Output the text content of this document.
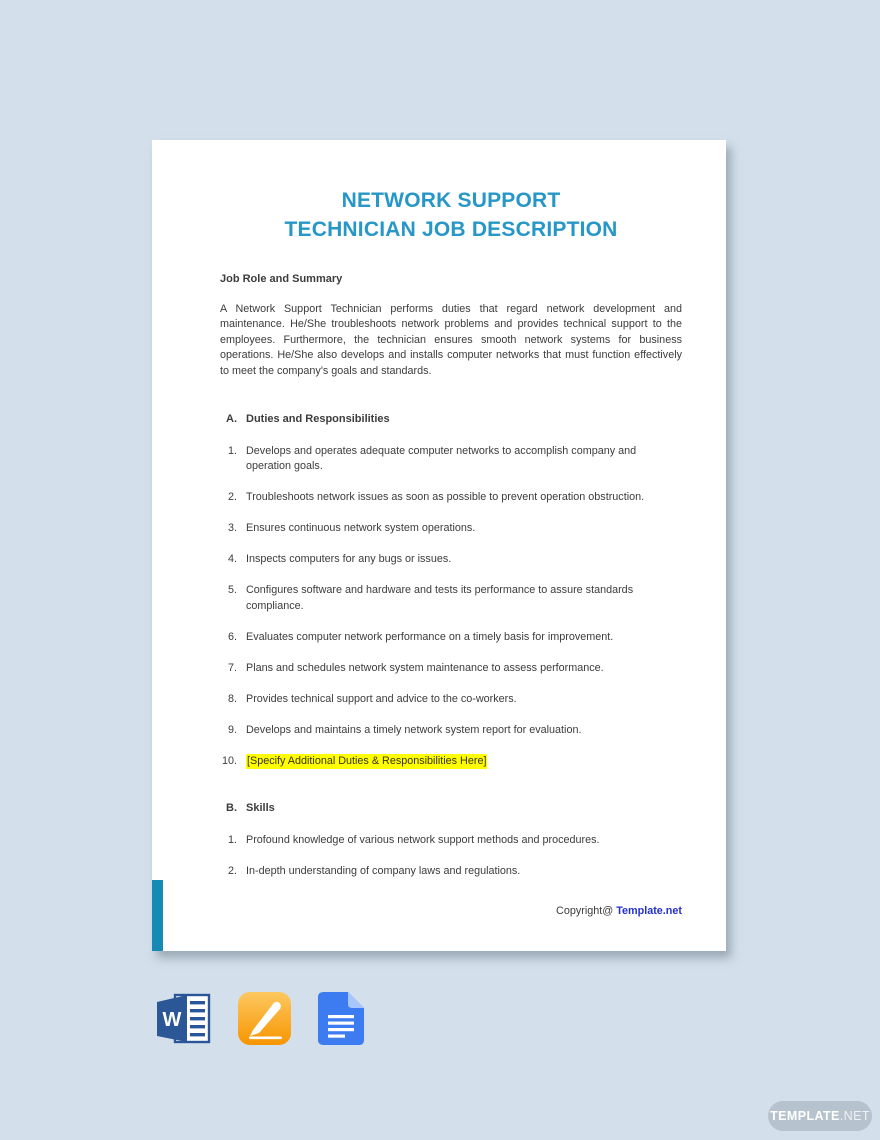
NETWORK SUPPORT
TECHNICIAN JOB DESCRIPTION
Job Role and Summary
A Network Support Technician performs duties that regard network development and maintenance. He/She troubleshoots network problems and provides technical support to the employees. Furthermore, the technician ensures smooth network systems for business operations. He/She also develops and installs computer networks that must function effectively to meet the company's goals and standards.
A. Duties and Responsibilities
1. Develops and operates adequate computer networks to accomplish company and operation goals.
2. Troubleshoots network issues as soon as possible to prevent operation obstruction.
3. Ensures continuous network system operations.
4. Inspects computers for any bugs or issues.
5. Configures software and hardware and tests its performance to assure standards compliance.
6. Evaluates computer network performance on a timely basis for improvement.
7. Plans and schedules network system maintenance to assess performance.
8. Provides technical support and advice to the co-workers.
9. Develops and maintains a timely network system report for evaluation.
10. [Specify Additional Duties & Responsibilities Here]
B. Skills
1. Profound knowledge of various network support methods and procedures.
2. In-depth understanding of company laws and regulations.
Copyright@ Template.net
W
TEMPLATE .NET
